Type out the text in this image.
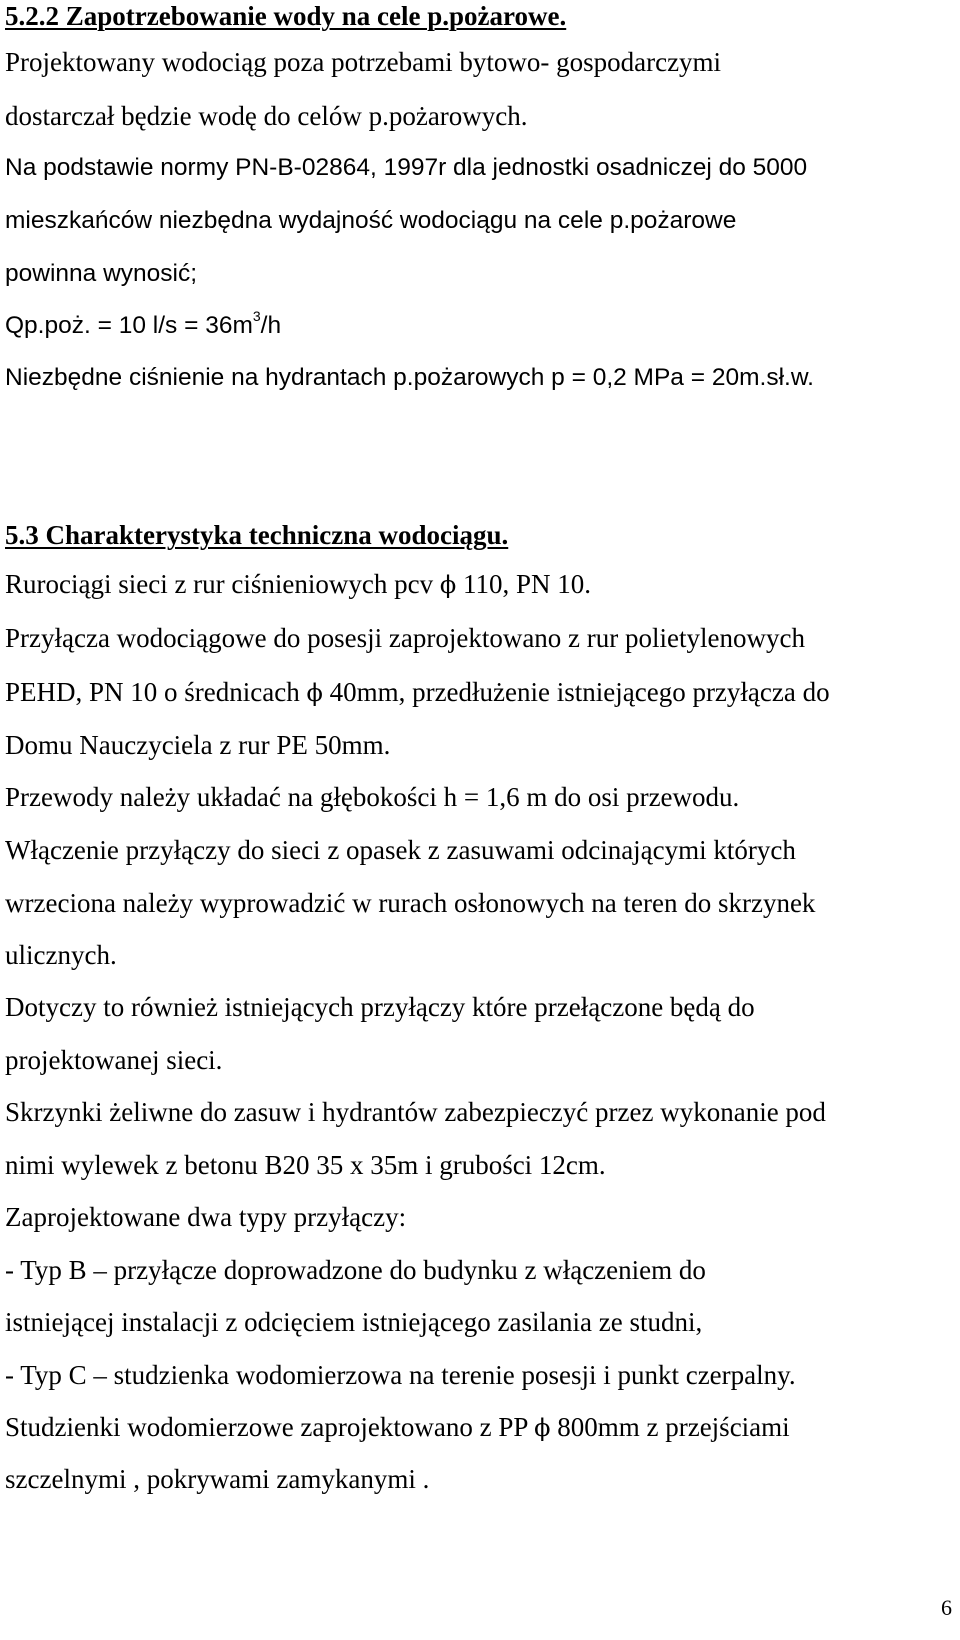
5.2.2 Zapotrzebowanie wody na cele p.pożarowe.
Projektowany wodociąg poza potrzebami bytowo- gospodarczymi
dostarczał będzie wodę do celów p.pożarowych.
Na podstawie normy PN-B-02864, 1997r dla jednostki osadniczej do 5000
mieszkańców niezbędna wydajność wodociągu na cele p.pożarowe
powinna wynosić;
Qp.poż. = 10 $l/s = 36m^3/h$
Niezbędne ciśnienie na hydrantach p.pożarowych p = 0,2 MPa = 20m.sł.w.
5.3 Charakterystyka techniczna wodociągu.
Rurociągi sieci z rur ciśnieniowych pcv ϕ 110, PN 10.
Przyłącza wodociągowe do posesji zaprojektowano z rur polietylenowych
PEHD, PN 10 o średnicach ϕ 40mm, przedłużenie istniejącego przyłącza do
Domu Nauczyciela z rur PE 50mm.
Przewody należy układać na głębokości h = 1,6 m do osi przewodu.
Włączenie przyłączy do sieci z opasek z zasuwami odcinającymi których
wrzeciona należy wyprowadzić w rurach osłonowych na teren do skrzynek
ulicznych.
Dotyczy to również istniejących przyłączy które przełączone będą do
projektowanej sieci.
Skrzynki żeliwne do zasuw i hydrantów zabezpieczyć przez wykonanie pod
nimi wylewek z betonu B20 35 x 35m i grubości 12cm.
Zaprojektowane dwa typy przyłączy:
- Typ B – przyłącze doprowadzone do budynku z włączeniem do
istniejącej instalacji z odcięciem istniejącego zasilania ze studni,
- Typ C – studzienka wodomierzowa na terenie posesji i punkt czerpalny.
Studzienki wodomierzowe zaprojektowano z PP ϕ 800mm z przejściami
szczelnymi , pokrywami zamykanymi .
6
